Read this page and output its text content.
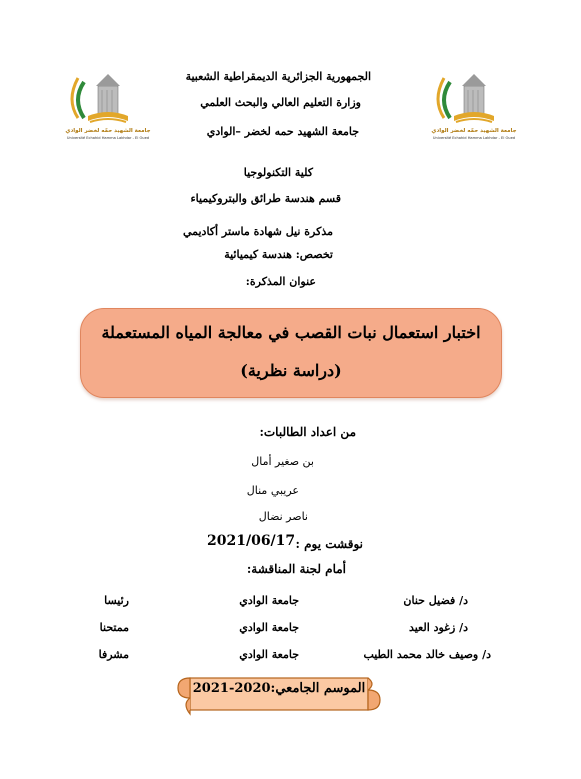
جامعة الشهيد حمّه لخضر الوادي
Université Echahid Hamma Lakhdar - El Oued
جامعة الشهيد حمّه لخضر الوادي
Université Echahid Hamma Lakhdar - El Oued
الجمهورية الجزائرية الديمقراطية الشعبية
وزارة التعليم العالي والبحث العلمي
جامعة الشهيد حمه لخضر –الوادي
كلية التكنولوجيا
قسم هندسة طرائق والبتروكيمياء
مذكرة نيل شهادة ماستر أكاديمي
تخصص: هندسة كيميائية
عنوان المذكرة:
اختبار استعمال نبات القصب في معالجة المياه المستعملة
(دراسة نظرية)
من اعداد الطالبات:
بن صغير أمال
عريبي منال
ناصر نضال
نوقشت يوم :
2021/06/17
أمام لجنة المناقشة:
د/ فضيل حنان
جامعة الوادي
رئيسا
د/ زغود العيد
جامعة الوادي
ممتحنا
د/ وصيف خالد محمد الطيب
جامعة الوادي
مشرفا
الموسم الجامعي:2020-2021
